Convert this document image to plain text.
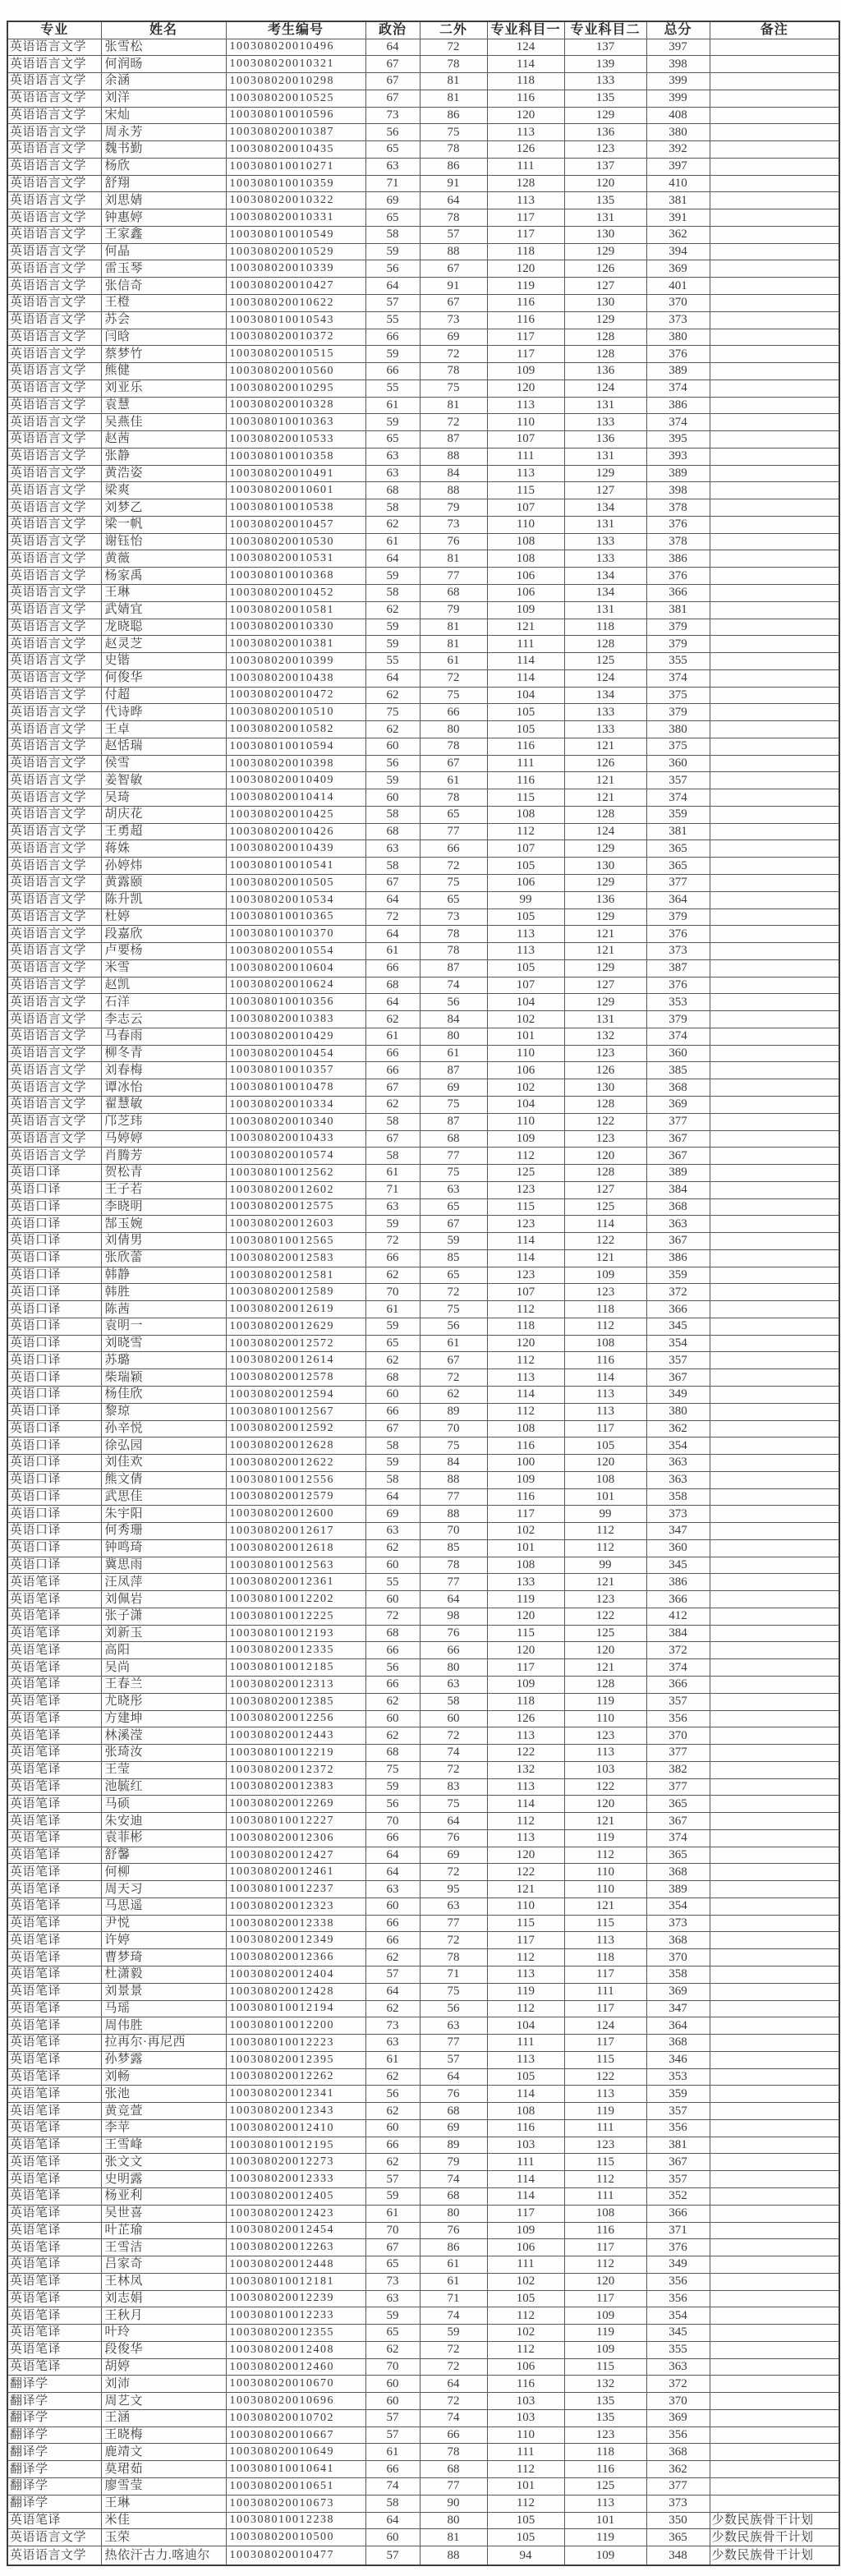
专业	姓名	考生编号	政治	二外	专业科目一	专业科目二	总分	备注
英语语言文学	张雪松	100308020010496	64	72	124	137	397	
英语语言文学	何润旸	100308020010321	67	78	114	139	398	
英语语言文学	余涵	100308020010298	67	81	118	133	399	
英语语言文学	刘洋	100308020010525	67	81	116	135	399	
英语语言文学	宋灿	100308010010596	73	86	120	129	408	
英语语言文学	周永芳	100308020010387	56	75	113	136	380	
英语语言文学	魏书勤	100308020010435	65	78	126	123	392	
英语语言文学	杨欣	100308010010271	63	86	111	137	397	
英语语言文学	舒翔	100308010010359	71	91	128	120	410	
英语语言文学	刘思婧	100308020010322	69	64	113	135	381	
英语语言文学	钟惠婷	100308020010331	65	78	117	131	391	
英语语言文学	王家鑫	100308010010549	58	57	117	130	362	
英语语言文学	何晶	100308020010529	59	88	118	129	394	
英语语言文学	雷玉琴	100308020010339	56	67	120	126	369	
英语语言文学	张信奇	100308020010427	64	91	119	127	401	
英语语言文学	王橙	100308020010622	57	67	116	130	370	
英语语言文学	苏会	100308010010543	55	73	116	129	373	
英语语言文学	闫晗	100308020010372	66	69	117	128	380	
英语语言文学	蔡梦竹	100308020010515	59	72	117	128	376	
英语语言文学	熊健	100308020010560	66	78	109	136	389	
英语语言文学	刘亚乐	100308020010295	55	75	120	124	374	
英语语言文学	袁慧	100308020010328	61	81	113	131	386	
英语语言文学	吴燕佳	100308010010363	59	72	110	133	374	
英语语言文学	赵茜	100308020010533	65	87	107	136	395	
英语语言文学	张静	100308010010358	63	88	111	131	393	
英语语言文学	黄浩姿	100308020010491	63	84	113	129	389	
英语语言文学	梁爽	100308020010601	68	88	115	127	398	
英语语言文学	刘梦乙	100308010010538	58	79	107	134	378	
英语语言文学	梁一帆	100308020010457	62	73	110	131	376	
英语语言文学	谢钰怡	100308020010530	61	76	108	133	378	
英语语言文学	黄薇	100308020010531	64	81	108	133	386	
英语语言文学	杨家禹	100308010010368	59	77	106	134	376	
英语语言文学	王琳	100308020010452	58	68	106	134	366	
英语语言文学	武婧宜	100308020010581	62	79	109	131	381	
英语语言文学	龙晓聪	100308020010330	59	81	121	118	379	
英语语言文学	赵灵芝	100308020010381	59	81	111	128	379	
英语语言文学	史锴	100308020010399	55	61	114	125	355	
英语语言文学	何俊华	100308020010438	64	72	114	124	374	
英语语言文学	付超	100308020010472	62	75	104	134	375	
英语语言文学	代诗晔	100308020010510	75	66	105	133	379	
英语语言文学	王卓	100308020010582	62	80	105	133	380	
英语语言文学	赵恬瑞	100308010010594	60	78	116	121	375	
英语语言文学	侯雪	100308020010398	56	67	111	126	360	
英语语言文学	姜智敏	100308020010409	59	61	116	121	357	
英语语言文学	吴琦	100308020010414	60	78	115	121	374	
英语语言文学	胡庆花	100308020010425	58	65	108	128	359	
英语语言文学	王勇超	100308020010426	68	77	112	124	381	
英语语言文学	蒋姝	100308020010439	63	66	107	129	365	
英语语言文学	孙婷炜	100308010010541	58	72	105	130	365	
英语语言文学	黄露颐	100308020010505	67	75	106	129	377	
英语语言文学	陈升凯	100308020010534	64	65	99	136	364	
英语语言文学	杜婷	100308010010365	72	73	105	129	379	
英语语言文学	段嘉欣	100308010010370	64	78	113	121	376	
英语语言文学	卢要杨	100308020010554	61	78	113	121	373	
英语语言文学	米雪	100308020010604	66	87	105	129	387	
英语语言文学	赵凯	100308020010624	68	74	107	127	376	
英语语言文学	石洋	100308010010356	64	56	104	129	353	
英语语言文学	李志云	100308020010383	62	84	102	131	379	
英语语言文学	马春雨	100308020010429	61	80	101	132	374	
英语语言文学	柳冬青	100308020010454	66	61	110	123	360	
英语语言文学	刘春梅	100308010010357	66	87	106	126	385	
英语语言文学	谭冰怡	100308010010478	67	69	102	130	368	
英语语言文学	翟慧敏	100308020010334	62	75	104	128	369	
英语语言文学	邝芝玮	100308020010340	58	87	110	122	377	
英语语言文学	马婷婷	100308020010433	67	68	109	123	367	
英语语言文学	肖腾芳	100308020010574	58	77	112	120	367	
英语口译	贺松青	100308010012562	61	75	125	128	389	
英语口译	王子若	100308020012602	71	63	123	127	384	
英语口译	李晓明	100308020012575	63	65	115	125	368	
英语口译	郜玉婉	100308020012603	59	67	123	114	363	
英语口译	刘倩男	100308010012565	72	59	114	122	367	
英语口译	张欣蕾	100308020012583	66	85	114	121	386	
英语口译	韩静	100308020012581	62	65	123	109	359	
英语口译	韩胜	100308020012589	70	72	107	123	372	
英语口译	陈茜	100308020012619	61	75	112	118	366	
英语口译	袁明一	100308020012629	59	56	118	112	345	
英语口译	刘晓雪	100308020012572	65	61	120	108	354	
英语口译	苏璐	100308020012614	62	67	112	116	357	
英语口译	柴瑞颖	100308020012578	68	72	113	114	367	
英语口译	杨佳欣	100308020012594	60	62	114	113	349	
英语口译	黎琼	100308010012567	66	89	112	113	380	
英语口译	孙辛悦	100308020012592	67	70	108	117	362	
英语口译	徐弘园	100308020012628	58	75	116	105	354	
英语口译	刘佳欢	100308020012622	59	84	100	120	363	
英语口译	熊文倩	100308010012556	58	88	109	108	363	
英语口译	武思佳	100308020012579	64	77	116	101	358	
英语口译	朱宇阳	100308020012600	69	88	117	99	373	
英语口译	何秀珊	100308020012617	63	70	102	112	347	
英语口译	钟鸣琦	100308020012618	62	85	101	112	360	
英语口译	冀思雨	100308010012563	60	78	108	99	345	
英语笔译	汪凤萍	100308020012361	55	77	133	121	386	
英语笔译	刘佩岩	100308010012202	60	64	119	123	366	
英语笔译	张子潇	100308010012225	72	98	120	122	412	
英语笔译	刘新玉	100308010012193	68	76	115	125	384	
英语笔译	高阳	100308020012335	66	66	120	120	372	
英语笔译	吴尚	100308010012185	56	80	117	121	374	
英语笔译	王春兰	100308020012313	66	63	109	128	366	
英语笔译	尤晓彤	100308020012385	62	58	118	119	357	
英语笔译	方建坤	100308020012256	60	60	126	110	356	
英语笔译	林溪滢	100308020012443	62	72	113	123	370	
英语笔译	张琦汝	100308010012219	68	74	122	113	377	
英语笔译	王莹	100308020012372	75	72	132	103	382	
英语笔译	池毓红	100308020012383	59	83	113	122	377	
英语笔译	马硕	100308020012269	56	75	114	120	365	
英语笔译	朱安迪	100308010012227	70	64	112	121	367	
英语笔译	袁菲彬	100308020012306	66	76	113	119	374	
英语笔译	舒馨	100308020012427	64	69	120	112	365	
英语笔译	何柳	100308020012461	64	72	122	110	368	
英语笔译	周天习	100308010012237	63	95	121	110	389	
英语笔译	马思遥	100308020012323	60	63	110	121	354	
英语笔译	尹悦	100308020012338	66	77	115	115	373	
英语笔译	许婷	100308020012349	66	72	117	113	368	
英语笔译	曹梦琦	100308020012366	62	78	112	118	370	
英语笔译	杜潇毅	100308020012404	57	71	113	117	358	
英语笔译	刘景景	100308020012428	64	75	119	111	369	
英语笔译	马瑶	100308010012194	62	56	112	117	347	
英语笔译	周伟胜	100308010012200	73	63	104	124	364	
英语笔译	拉再尔·再尼西	100308010012223	63	77	111	117	368	
英语笔译	孙梦露	100308020012395	61	57	113	115	346	
英语笔译	刘畅	100308020012262	62	64	105	122	353	
英语笔译	张池	100308020012341	56	76	114	113	359	
英语笔译	黄竞萱	100308020012343	62	68	108	119	357	
英语笔译	李苹	100308020012410	60	69	116	111	356	
英语笔译	王雪峰	100308010012195	66	89	103	123	381	
英语笔译	张文文	100308020012273	62	79	111	115	367	
英语笔译	史明露	100308020012333	57	74	114	112	357	
英语笔译	杨亚利	100308020012405	59	68	114	111	352	
英语笔译	吴世喜	100308020012423	61	80	117	108	366	
英语笔译	叶芷瑜	100308020012454	70	76	109	116	371	
英语笔译	王雪洁	100308020012263	67	86	106	117	376	
英语笔译	吕家奇	100308020012448	65	61	111	112	349	
英语笔译	王林凤	100308010012181	73	61	102	120	356	
英语笔译	刘志娟	100308020012239	63	71	105	117	356	
英语笔译	王秋月	100308010012233	59	74	112	109	354	
英语笔译	叶玲	100308020012355	65	59	102	119	345	
英语笔译	段俊华	100308020012408	62	72	112	109	355	
英语笔译	胡婷	100308020012460	70	72	106	115	363	
翻译学	刘沛	100308020010670	60	64	116	132	372	
翻译学	周艺文	100308020010696	60	72	103	135	370	
翻译学	王涵	100308020010702	57	74	103	135	369	
翻译学	王晓梅	100308020010667	57	66	110	123	356	
翻译学	鹿靖文	100308020010649	61	78	111	118	368	
翻译学	莫珺茹	100308010010641	66	68	112	116	362	
翻译学	廖雪莹	100308020010651	74	77	101	125	377	
翻译学	王琳	100308020010673	58	90	112	113	373	
英语笔译	米佳	100308010012238	64	80	105	101	350	少数民族骨干计划
英语语言文学	玉荣	100308020010500	60	81	105	119	365	少数民族骨干计划
英语语言文学	热依汗古力.喀迪尔	100308020010477	57	88	94	109	348	少数民族骨干计划
